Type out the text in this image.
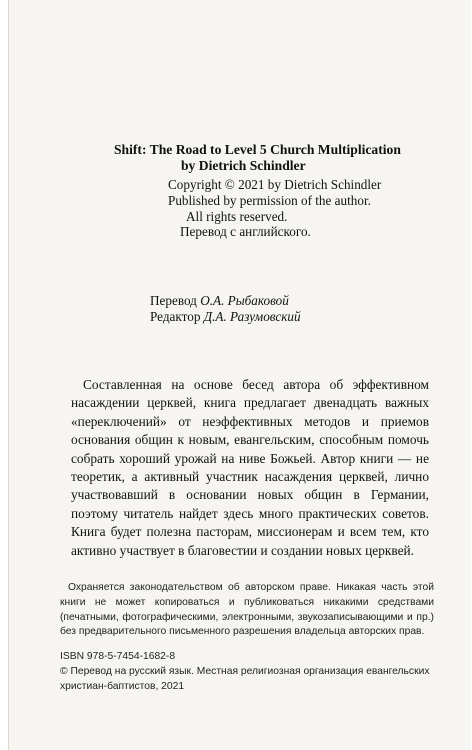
Shift: The Road to Level 5 Church Multiplication
by Dietrich Schindler
Copyright © 2021 by Dietrich Schindler
Published by permission of the author.
All rights reserved.
Перевод с английского.
Перевод О.А. Рыбаковой
Редактор Д.А. Разумовский

Составленная на основе бесед автора об эффективном насаждении церквей, книга предлагает двенадцать важных «переключений» от неэффективных методов и приемов основания общин к новым, евангельским, способным помочь собрать хороший урожай на ниве Божьей. Автор книги — не теоретик, а активный участник насаждения церквей, лично участвовавший в основании новых общин в Германии, поэтому читатель найдет здесь много практических советов. Книга будет полезна пасторам, миссионерам и всем тем, кто активно участвует в благовестии и создании новых церквей.

Охраняется законодательством об авторском праве. Никакая часть этой книги не может копироваться и публиковаться никакими средствами (печатными, фотографическими, электронными, звукозаписывающими и пр.) без предварительного письменного разрешения владельца авторских прав.

ISBN 978-5-7454-1682-8
© Перевод на русский язык. Местная религиозная организация евангельских христиан-баптистов, 2021
